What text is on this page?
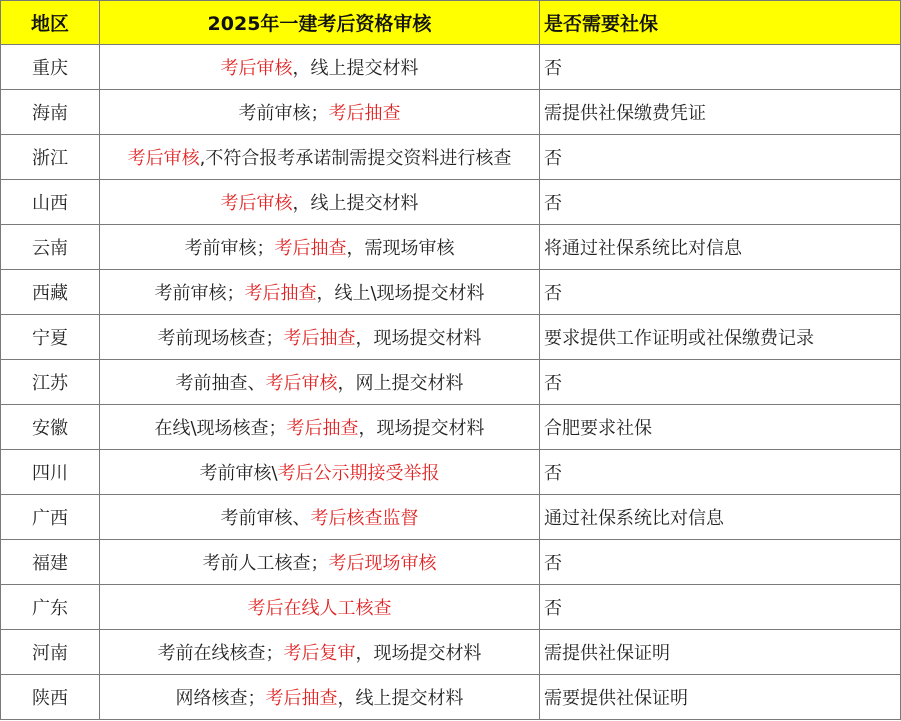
地区	2025年一建考后资格审核	是否需要社保
重庆	考后审核，线上提交材料	否
海南	考前审核；考后抽查	需提供社保缴费凭证
浙江	考后审核,不符合报考承诺制需提交资料进行核查	否
山西	考后审核，线上提交材料	否
云南	考前审核；考后抽查，需现场审核	将通过社保系统比对信息
西藏	考前审核；考后抽查，线上\现场提交材料	否
宁夏	考前现场核查；考后抽查，现场提交材料	要求提供工作证明或社保缴费记录
江苏	考前抽查、考后审核，网上提交材料	否
安徽	在线\现场核查；考后抽查，现场提交材料	合肥要求社保
四川	考前审核\考后公示期接受举报	否
广西	考前审核、考后核查监督	通过社保系统比对信息
福建	考前人工核查；考后现场审核	否
广东	考后在线人工核查	否
河南	考前在线核查；考后复审，现场提交材料	需提供社保证明
陕西	网络核查；考后抽查，线上提交材料	需要提供社保证明
